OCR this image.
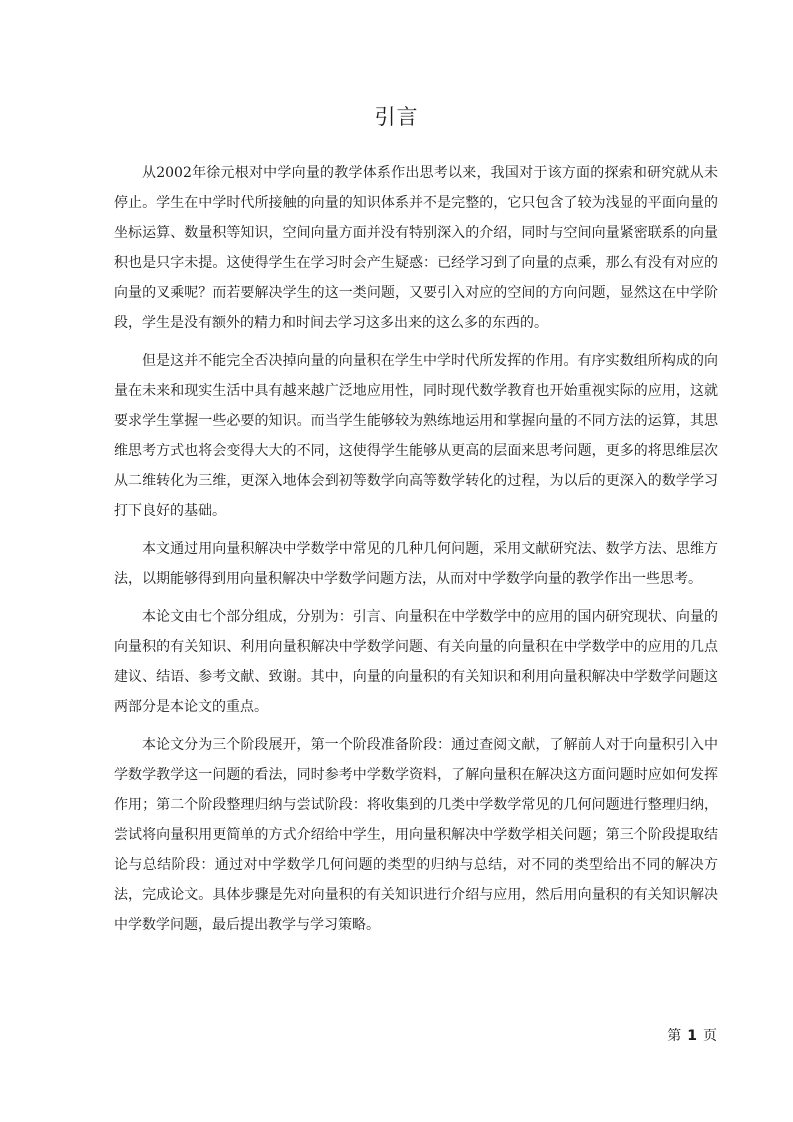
引言

从2002年徐元根对中学向量的教学体系作出思考以来，我国对于该方面的探索和研究就从未停止。学生在中学时代所接触的向量的知识体系并不是完整的，它只包含了较为浅显的平面向量的坐标运算、数量积等知识，空间向量方面并没有特别深入的介绍，同时与空间向量紧密联系的向量积也是只字未提。这使得学生在学习时会产生疑惑：已经学习到了向量的点乘，那么有没有对应的向量的叉乘呢？而若要解决学生的这一类问题，又要引入对应的空间的方向问题，显然这在中学阶段，学生是没有额外的精力和时间去学习这多出来的这么多的东西的。

但是这并不能完全否决掉向量的向量积在学生中学时代所发挥的作用。有序实数组所构成的向量在未来和现实生活中具有越来越广泛地应用性，同时现代数学教育也开始重视实际的应用，这就要求学生掌握一些必要的知识。而当学生能够较为熟练地运用和掌握向量的不同方法的运算，其思维思考方式也将会变得大大的不同，这使得学生能够从更高的层面来思考问题，更多的将思维层次从二维转化为三维，更深入地体会到初等数学向高等数学转化的过程，为以后的更深入的数学学习打下良好的基础。

本文通过用向量积解决中学数学中常见的几种几何问题，采用文献研究法、数学方法、思维方法，以期能够得到用向量积解决中学数学问题方法，从而对中学数学向量的教学作出一些思考。

本论文由七个部分组成，分别为：引言、向量积在中学数学中的应用的国内研究现状、向量的向量积的有关知识、利用向量积解决中学数学问题、有关向量的向量积在中学数学中的应用的几点建议、结语、参考文献、致谢。其中，向量的向量积的有关知识和利用向量积解决中学数学问题这两部分是本论文的重点。

本论文分为三个阶段展开，第一个阶段准备阶段：通过查阅文献，了解前人对于向量积引入中学数学教学这一问题的看法，同时参考中学数学资料，了解向量积在解决这方面问题时应如何发挥作用；第二个阶段整理归纳与尝试阶段：将收集到的几类中学数学常见的几何问题进行整理归纳，尝试将向量积用更简单的方式介绍给中学生，用向量积解决中学数学相关问题；第三个阶段提取结论与总结阶段：通过对中学数学几何问题的类型的归纳与总结，对不同的类型给出不同的解决方法，完成论文。具体步骤是先对向量积的有关知识进行介绍与应用，然后用向量积的有关知识解决中学数学问题，最后提出教学与学习策略。

第 1 页
